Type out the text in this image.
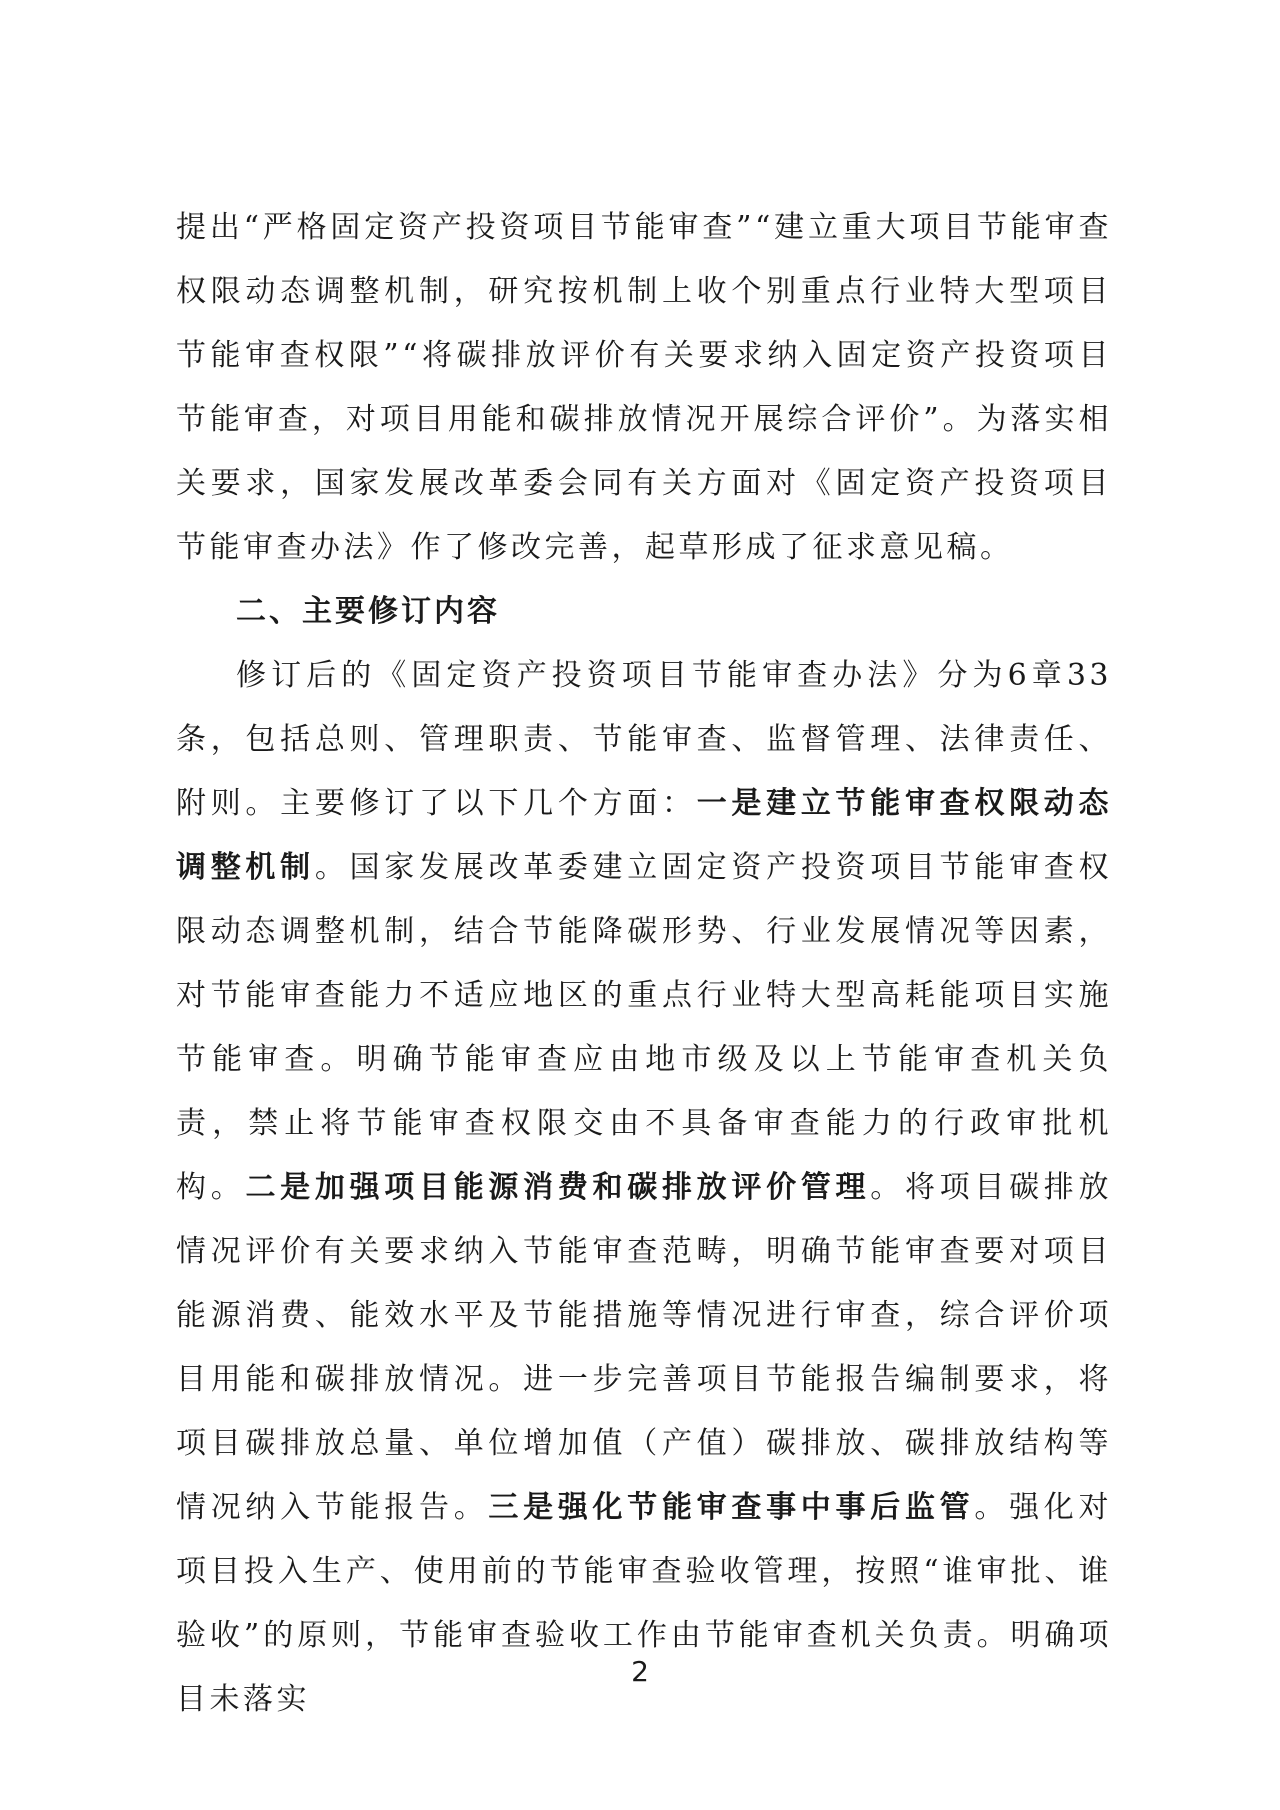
提出“严格固定资产投资项目节能审查”“建立重大项目节能审查权限动态调整机制，研究按机制上收个别重点行业特大型项目节能审查权限”“将碳排放评价有关要求纳入固定资产投资项目节能审查，对项目用能和碳排放情况开展综合评价”。为落实相关要求，国家发展改革委会同有关方面对《固定资产投资项目节能审查办法》作了修改完善，起草形成了征求意见稿。

二、主要修订内容

修订后的《固定资产投资项目节能审查办法》分为6章33条，包括总则、管理职责、节能审查、监督管理、法律责任、附则。主要修订了以下几个方面：一是建立节能审查权限动态调整机制。国家发展改革委建立固定资产投资项目节能审查权限动态调整机制，结合节能降碳形势、行业发展情况等因素，对节能审查能力不适应地区的重点行业特大型高耗能项目实施节能审查。明确节能审查应由地市级及以上节能审查机关负责，禁止将节能审查权限交由不具备审查能力的行政审批机构。二是加强项目能源消费和碳排放评价管理。将项目碳排放情况评价有关要求纳入节能审查范畴，明确节能审查要对项目能源消费、能效水平及节能措施等情况进行审查，综合评价项目用能和碳排放情况。进一步完善项目节能报告编制要求，将项目碳排放总量、单位增加值（产值）碳排放、碳排放结构等情况纳入节能报告。三是强化节能审查事中事后监管。强化对项目投入生产、使用前的节能审查验收管理，按照“谁审批、谁验收”的原则，节能审查验收工作由节能审查机关负责。明确项目未落实

2
